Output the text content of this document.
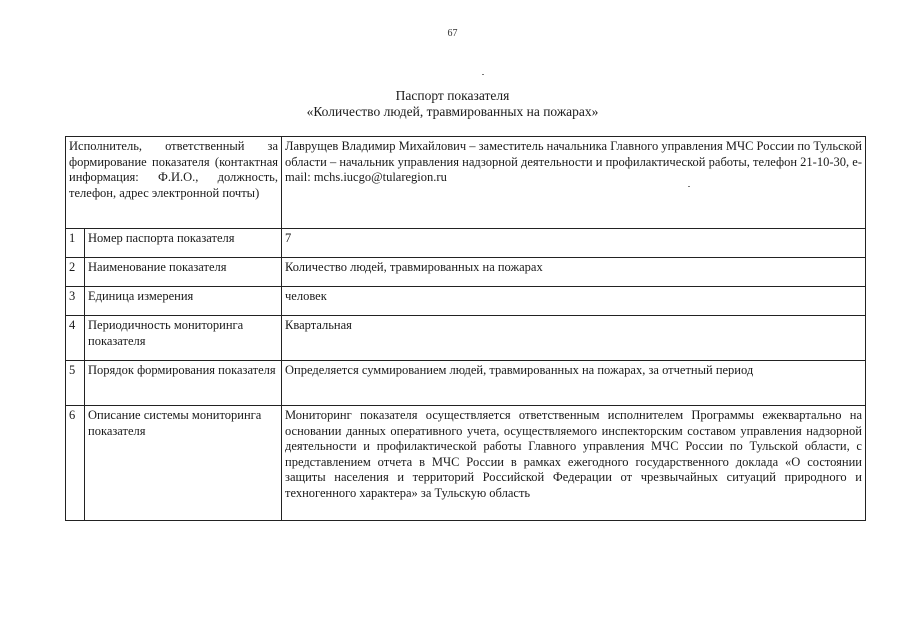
67
Паспорт показателя
«Количество людей, травмированных на пожарах»
Исполнитель, ответственный за формирование показателя (контактная информация: Ф.И.О., должность, телефон, адрес электронной почты)		Лаврущев Владимир Михайлович – заместитель начальника Главного управления МЧС России по Тульской области – начальник управления надзорной деятельности и профилактической работы, телефон 21-10-30, e-mail: mchs.iucgo@tularegion.ru
1	Номер паспорта показателя	7
2	Наименование показателя	Количество людей, травмированных на пожарах
3	Единица измерения	человек
4	Периодичность мониторинга показателя	Квартальная
5	Порядок формирования показателя	Определяется суммированием людей, травмированных на пожарах, за отчетный период
6	Описание системы мониторинга показателя	Мониторинг показателя осуществляется ответственным исполнителем Программы ежеквартально на основании данных оперативного учета, осуществляемого инспекторским составом управления надзорной деятельности и профилактической работы Главного управления МЧС России по Тульской области, с представлением отчета в МЧС России в рамках ежегодного государственного доклада «О состоянии защиты населения и территорий Российской Федерации от чрезвычайных ситуаций природного и техногенного характера» за Тульскую область
